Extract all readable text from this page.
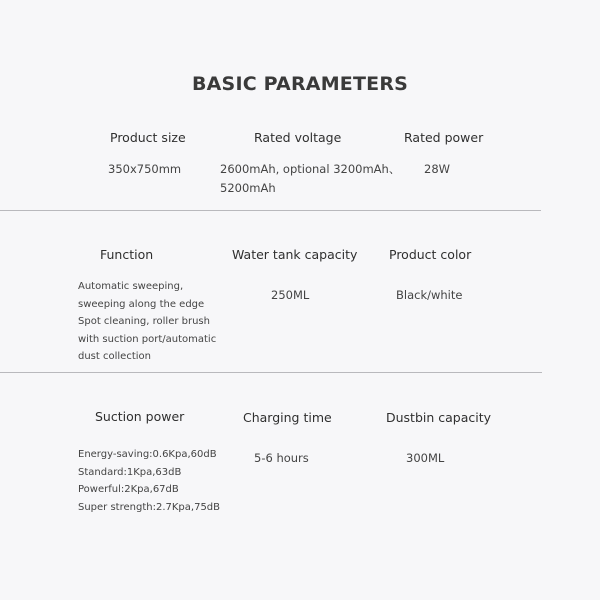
BASIC PARAMETERS
Product size
350x750mm
Rated voltage
2600mAh, optional 3200mAh、
5200mAh
Rated power
28W
Function
Automatic sweeping,
sweeping along the edge
Spot cleaning, roller brush
with suction port/automatic
dust collection
Water tank capacity
250ML
Product color
Black/white
Suction power
Energy-saving:0.6Kpa,60dB
Standard:1Kpa,63dB
Powerful:2Kpa,67dB
Super strength:2.7Kpa,75dB
Charging time
5-6 hours
Dustbin capacity
300ML
